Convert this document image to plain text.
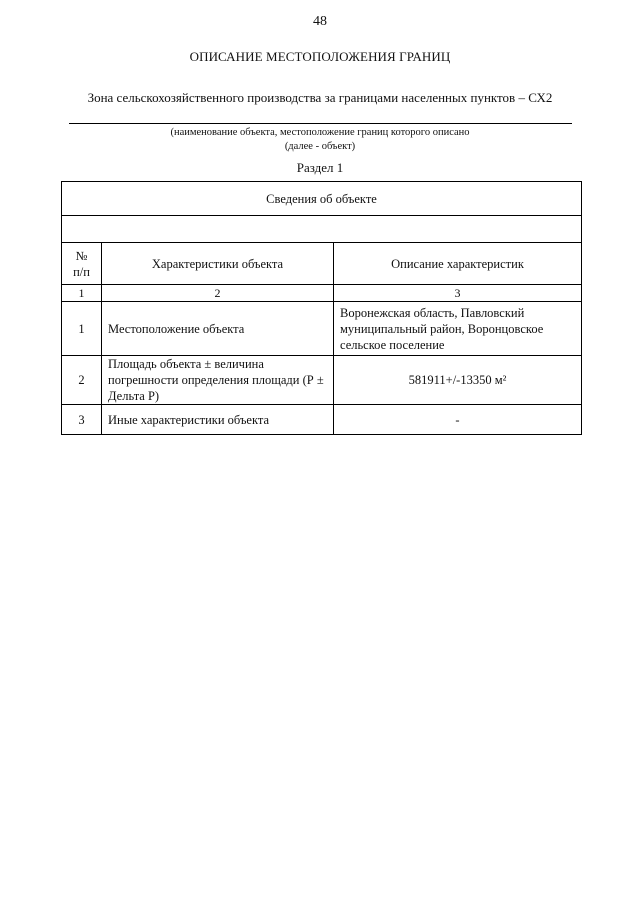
48
ОПИСАНИЕ МЕСТОПОЛОЖЕНИЯ ГРАНИЦ
Зона сельскохозяйственного производства за границами населенных пунктов – СХ2
(наименование объекта, местоположение границ которого описано
(далее - объект)
Раздел 1
Сведения об объекте		

№
п/п	Характеристики объекта	Описание характеристик
1	2	3
1	Местоположение объекта	Воронежская область, Павловский муниципальный район, Воронцовское сельское поселение
2	Площадь объекта ± величина погрешности определения площади (Р ± Дельта Р)	581911+/-13350 м²
3	Иные характеристики объекта	-
